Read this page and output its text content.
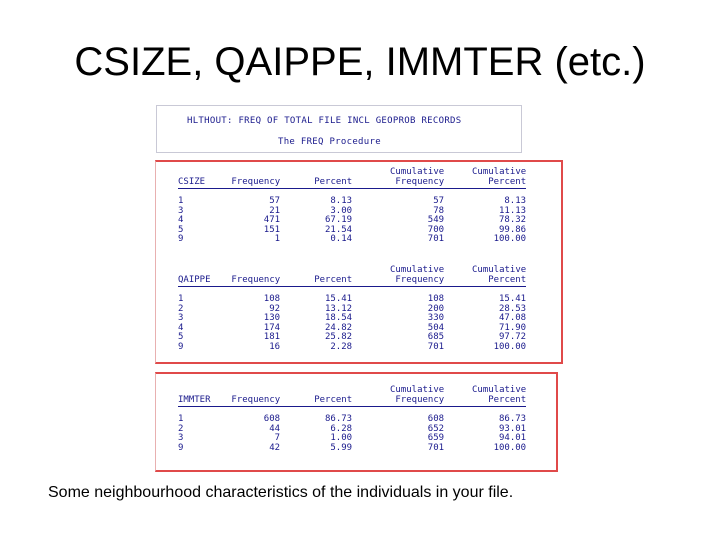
CSIZE, QAIPPE, IMMTER (etc.)
HLTHOUT: FREQ OF TOTAL FILE INCL GEOPROB RECORDS
The FREQ Procedure
CSIZE	Frequency	Percent
Cumulative
Frequency
Cumulative
Percent
1	57	8.13	57	8.13
3	21	3.00	78	11.13
4	471	67.19	549	78.32
5	151	21.54	700	99.86
9	1	0.14	701	100.00
QAIPPE Frequency	Percent
Cumulative
Frequency
Cumulative
Percent
1	108	15.41	108	15.41
2	92	13.12	200	28.53
3	130	18.54	330	47.08
4	174	24.82	504	71.90
5	181	25.82	685	97.72
9	16	2.28	701	100.00
IMMTER Frequency	Percent
Cumulative
Frequency
Cumulative
Percent
1	608	86.73	608	86.73
2	44	6.28	652	93.01
3	7	1.00	659	94.01
9	42	5.99	701	100.00
Some neighbourhood characteristics of the individuals in your file.
